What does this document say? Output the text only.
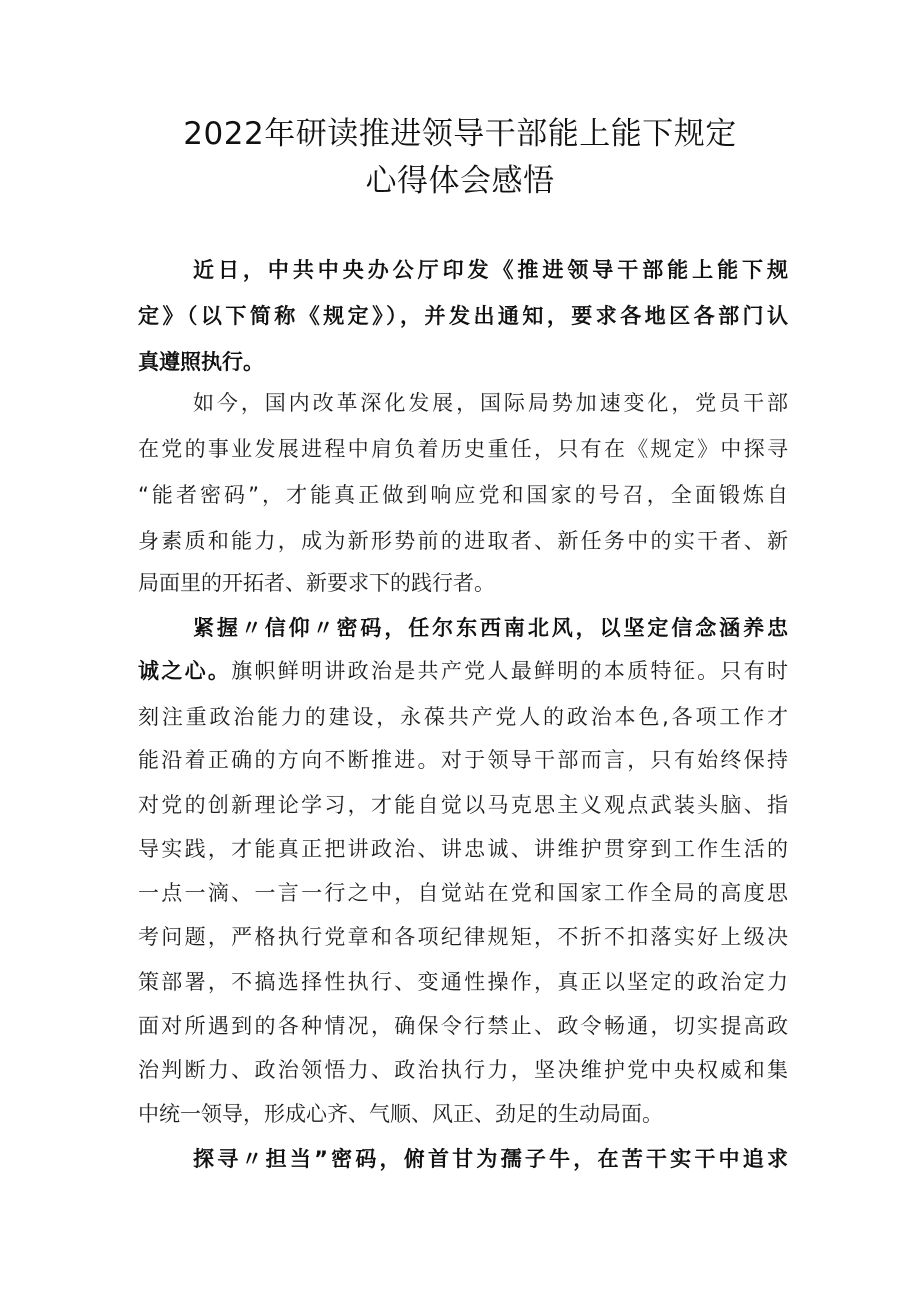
2022年研读推进领导干部能上能下规定
心得体会感悟
近日，中共中央办公厅印发《推进领导干部能上能下规
定》（以下简称《规定》），并发出通知，要求各地区各部门认
真遵照执行。
如今，国内改革深化发展，国际局势加速变化，党员干部
在党的事业发展进程中肩负着历史重任，只有在《规定》中探寻
“能者密码”，才能真正做到响应党和国家的号召，全面锻炼自
身素质和能力，成为新形势前的进取者、新任务中的实干者、新
局面里的开拓者、新要求下的践行者。
紧握〃信仰〃密码，任尔东西南北风，以坚定信念涵养忠
诚之心。旗帜鲜明讲政治是共产党人最鲜明的本质特征。只有时
刻注重政治能力的建设，永葆共产党人的政治本色,各项工作才
能沿着正确的方向不断推进。对于领导干部而言，只有始终保持
对党的创新理论学习，才能自觉以马克思主义观点武装头脑、指
导实践，才能真正把讲政治、讲忠诚、讲维护贯穿到工作生活的
一点一滴、一言一行之中，自觉站在党和国家工作全局的高度思
考问题，严格执行党章和各项纪律规矩，不折不扣落实好上级决
策部署，不搞选择性执行、变通性操作，真正以坚定的政治定力
面对所遇到的各种情况，确保令行禁止、政令畅通，切实提高政
治判断力、政治领悟力、政治执行力，坚决维护党中央权威和集
中统一领导，形成心齐、气顺、风正、劲足的生动局面。
探寻〃担当”密码，俯首甘为孺子牛，在苦干实干中追求
